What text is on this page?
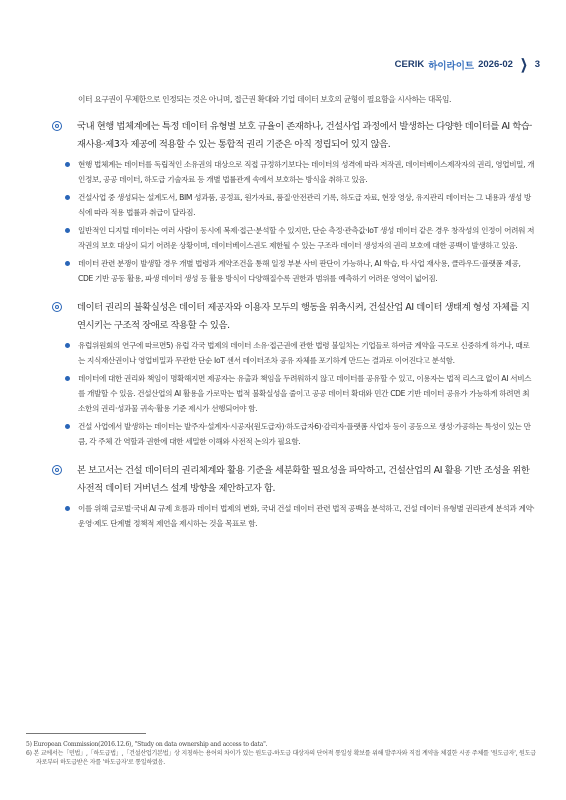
CERIK 하이라이트 2026-02 ❯ 3
이터 요구권이 무제한으로 인정되는 것은 아니며, 접근권 확대와 기업 데이터 보호의 균형이 필요함을 시사하는 대목임.
국내 현행 법체계에는 특정 데이터 유형별 보호 규율이 존재하나, 건설사업 과정에서 발생하는 다양한 데이터를 AI 학습·재사용·제3자 제공에 적용할 수 있는 통합적 권리 기준은 아직 정립되어 있지 않음.
현행 법체계는 데이터를 독립적인 소유권의 대상으로 직접 규정하기보다는 데이터의 성격에 따라 저작권, 데이터베이스제작자의 권리, 영업비밀, 개인정보, 공공 데이터, 하도급 기술자료 등 개별 법률관계 속에서 보호하는 방식을 취하고 있음.
건설사업 중 생성되는 설계도서, BIM 성과품, 공정표, 원가자료, 품질·안전관리 기록, 하도급 자료, 현장 영상, 유지관리 데이터는 그 내용과 생성 방식에 따라 적용 법률과 취급이 달라짐.
일반적인 디지털 데이터는 여러 사람이 동시에 복제·접근·분석할 수 있지만, 단순 측정·관측값·IoT 생성 데이터 같은 경우 창작성의 인정이 어려워 저작권의 보호 대상이 되기 어려운 상황이며, 데이터베이스권도 제한될 수 있는 구조라 데이터 생성자의 권리 보호에 대한 공백이 발생하고 있음.
데이터 관련 분쟁이 발생할 경우 개별 법령과 계약조건을 통해 일정 부분 사비 판단이 가능하나, AI 학습, 타 사업 재사용, 클라우드·플랫폼 제공, CDE 기반 공동 활용, 파생 데이터 생성 등 활용 방식이 다양해질수록 권한과 범위를 예측하기 어려운 영역이 넓어짐.
데이터 권리의 불확실성은 데이터 제공자와 이용자 모두의 행동을 위축시켜, 건설산업 AI 데이터 생태계 형성 자체를 지연시키는 구조적 장애로 작용할 수 있음.
유럽위원회의 연구에 따르면5) 유럽 각국 법제의 데이터 소유·접근권에 관한 법령 불일치는 기업들로 하여금 계약을 극도로 신중하게 하거나, 때로는 지식재산권이나 영업비밀과 무관한 단순 IoT 센서 데이터조차 공유 자체를 포기하게 만드는 결과로 이어진다고 분석함.
데이터에 대한 권리와 책임이 명확해지면 제공자는 유출과 책임을 두려워하지 않고 데이터를 공유할 수 있고, 이용자는 법적 리스크 없이 AI 서비스를 개발할 수 있음. 건설산업의 AI 활용을 가로막는 법적 불확실성을 줄이고 공공 데이터 확대와 민간 CDE 기반 데이터 공유가 가능하게 하려면 최소한의 권리·성과물 귀속·활용 기준 제시가 선행되어야 함.
건설 사업에서 발생하는 데이터는 발주자·설계자·시공자(원도급자)·하도급자6)·감리자·플랫폼 사업자 등이 공동으로 생성·가공하는 특성이 있는 만큼, 각 주체 간 역할과 권한에 대한 세밀한 이해와 사전적 논의가 필요함.
본 보고서는 건설 데이터의 권리체계와 활용 기준을 세분화할 필요성을 파악하고, 건설산업의 AI 활용 기반 조성을 위한 사전적 데이터 거버넌스 설계 방향을 제안하고자 함.
이를 위해 글로벌·국내 AI 규제 흐름과 데이터 법제의 변화, 국내 건설 데이터 관련 법적 공백을 분석하고, 건설 데이터 유형별 권리관계 분석과 계약·운영·제도 단계별 정책적 제언을 제시하는 것을 목표로 함.

5) European Commission(2016.12.6), "Study on data ownership and access to data".

6) 본 교에서는「민법」,「하도급법」,「건설산업기본법」상 지칭하는 용어의 차이가 있는 원도급-하도급 대상자의 단어적 통일성 확보를 위해 발주자와 직접 계약을 체결한 시공 주체를 '원도급자', 원도급자로부터 하도급받은 자를 '하도급자'로 통일하였음.
